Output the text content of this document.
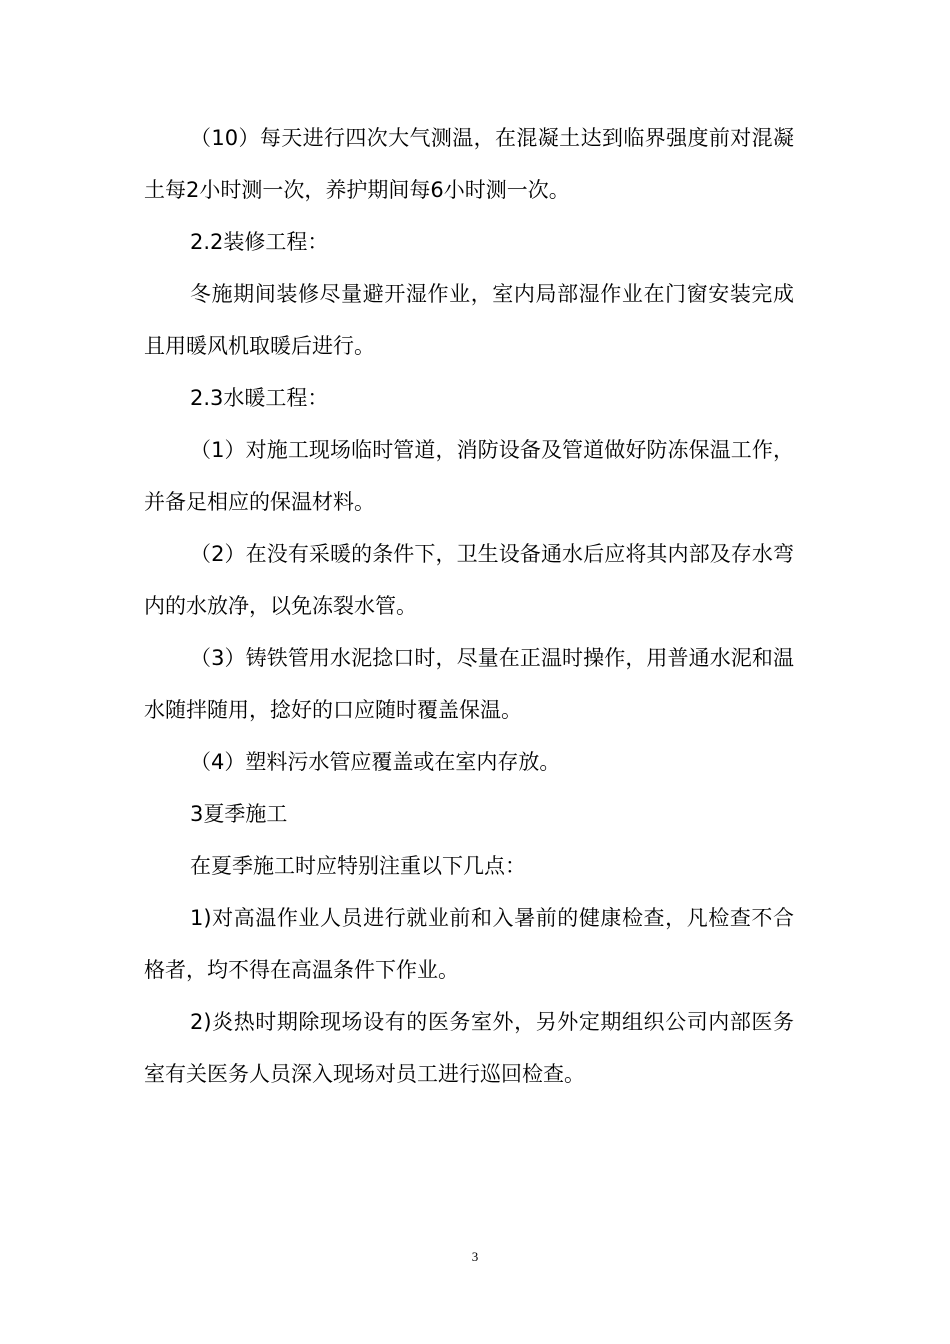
（10）每天进行四次大气测温，在混凝土达到临界强度前对混凝土每2小时测一次，养护期间每6小时测一次。

2.2装修工程：

冬施期间装修尽量避开湿作业，室内局部湿作业在门窗安装完成且用暖风机取暖后进行。

2.3水暖工程：

（1）对施工现场临时管道，消防设备及管道做好防冻保温工作，并备足相应的保温材料。

（2）在没有采暖的条件下，卫生设备通水后应将其内部及存水弯内的水放净，以免冻裂水管。

（3）铸铁管用水泥捻口时，尽量在正温时操作，用普通水泥和温水随拌随用，捻好的口应随时覆盖保温。

（4）塑料污水管应覆盖或在室内存放。

3夏季施工

在夏季施工时应特别注重以下几点：

1)对高温作业人员进行就业前和入暑前的健康检查，凡检查不合格者，均不得在高温条件下作业。

2)炎热时期除现场设有的医务室外，另外定期组织公司内部医务室有关医务人员深入现场对员工进行巡回检查。

3
